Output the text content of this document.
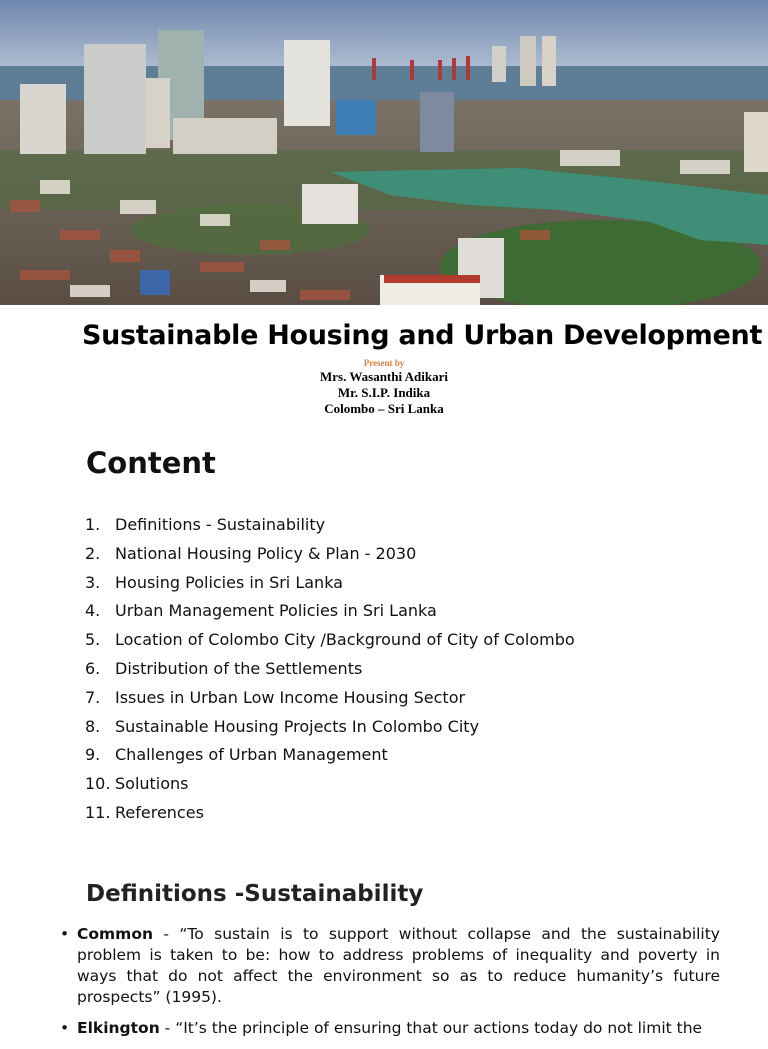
Sustainable Housing and Urban Development
Present by
Mrs. Wasanthi Adikari
Mr. S.I.P. Indika
Colombo – Sri Lanka
Content
1. Definitions - Sustainability
2. National Housing Policy & Plan - 2030
3. Housing Policies in Sri Lanka
4. Urban Management Policies in Sri Lanka
5. Location of Colombo City /Background of City of Colombo
6. Distribution of the Settlements
7. Issues in Urban Low Income Housing Sector
8. Sustainable Housing Projects In Colombo City
9. Challenges of Urban Management
10. Solutions
11. References
Definitions -Sustainability
• Common - “To sustain is to support without collapse and the sustainability problem is taken to be: how to address problems of inequality and poverty in ways that do not affect the environment so as to reduce humanity’s future prospects” (1995).
• Elkington - “It’s the principle of ensuring that our actions today do not limit the
